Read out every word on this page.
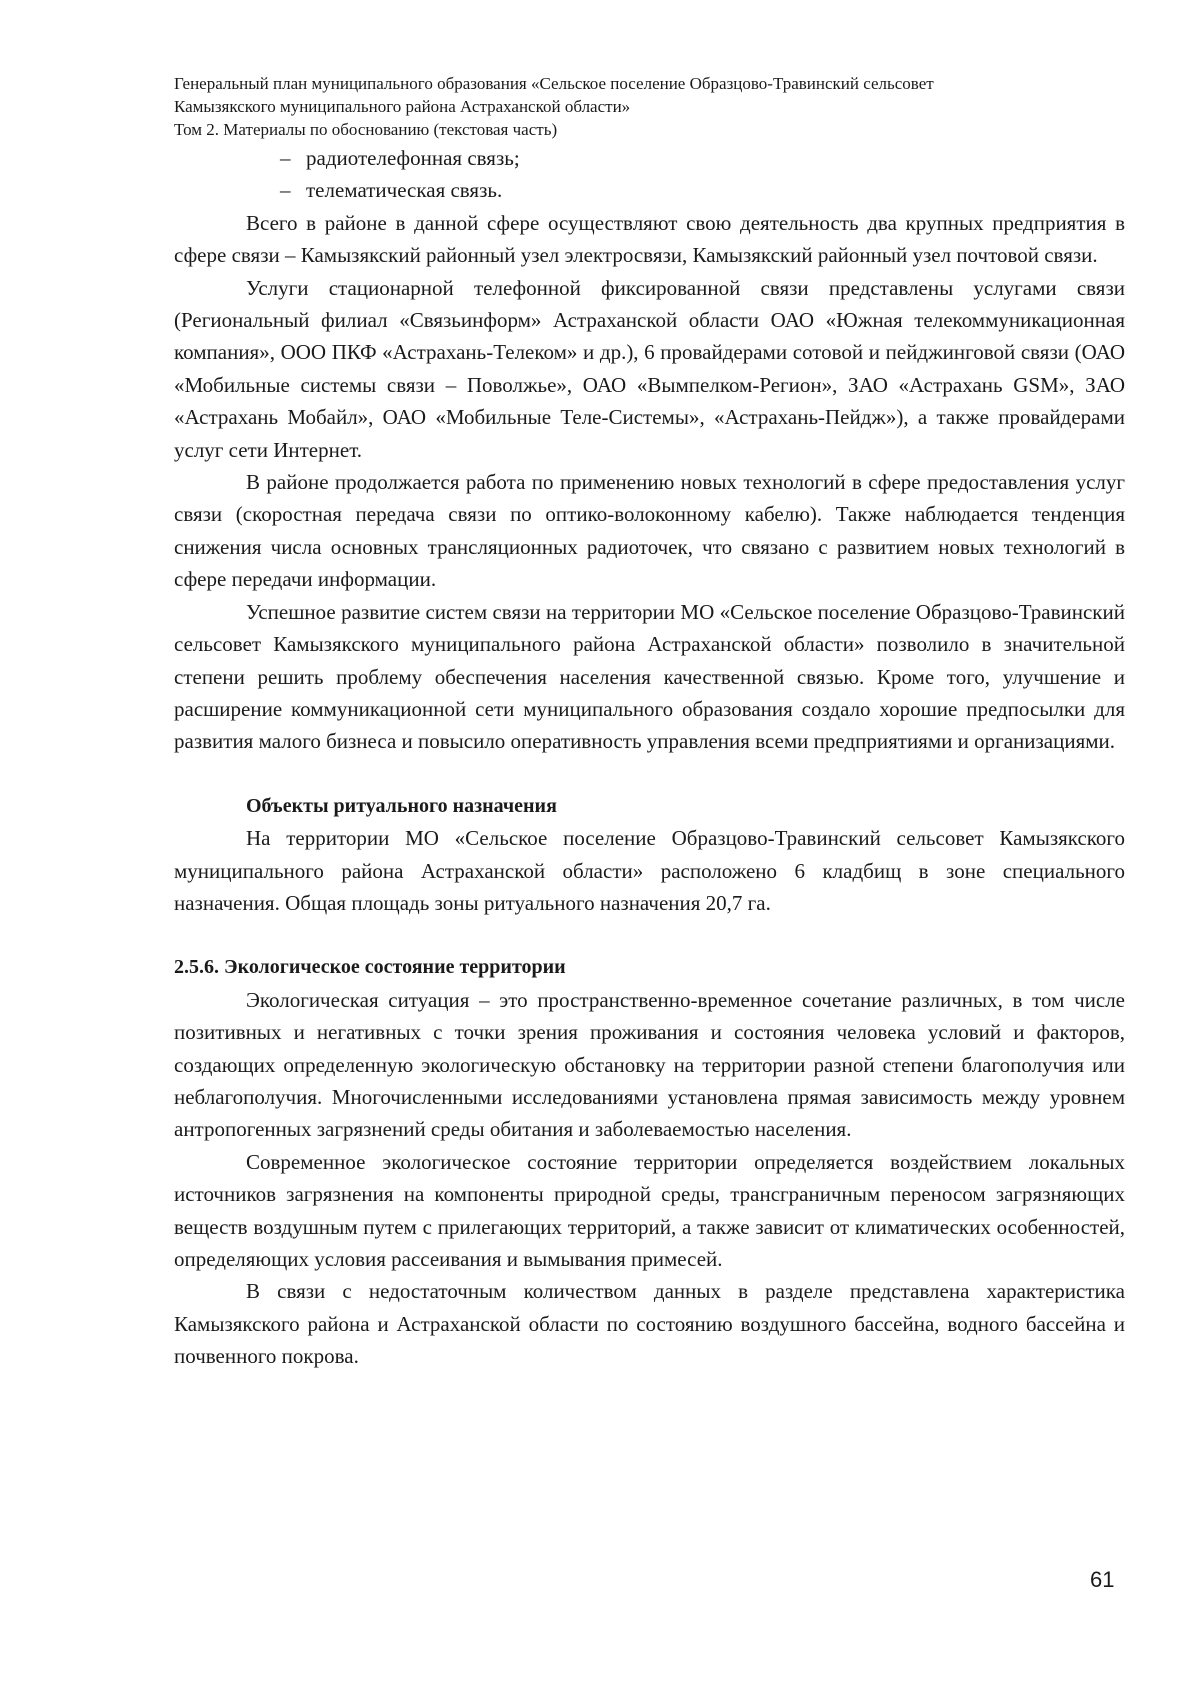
Генеральный план муниципального образования «Сельское поселение Образцово-Травинский сельсовет
Камызякского муниципального района Астраханской области»
Том 2. Материалы по обоснованию (текстовая часть)
– радиотелефонная связь;
– телематическая связь.

Всего в районе в данной сфере осуществляют свою деятельность два крупных предприятия в сфере связи – Камызякский районный узел электросвязи, Камызякский районный узел почтовой связи.

Услуги стационарной телефонной фиксированной связи представлены услугами связи (Региональный филиал «Связьинформ» Астраханской области ОАО «Южная телекоммуникационная компания», ООО ПКФ «Астрахань-Телеком» и др.), 6 провайдерами сотовой и пейджинговой связи (ОАО «Мобильные системы связи – Поволжье», ОАО «Вымпелком-Регион», ЗАО «Астрахань GSM», ЗАО «Астрахань Мобайл», ОАО «Мобильные Теле-Системы», «Астрахань-Пейдж»), а также провайдерами услуг сети Интернет.

В районе продолжается работа по применению новых технологий в сфере предоставления услуг связи (скоростная передача связи по оптико-волоконному кабелю). Также наблюдается тенденция снижения числа основных трансляционных радиоточек, что связано с развитием новых технологий в сфере передачи информации.

Успешное развитие систем связи на территории МО «Сельское поселение Образцово-Травинский сельсовет Камызякского муниципального района Астраханской области» позволило в значительной степени решить проблему обеспечения населения качественной связью. Кроме того, улучшение и расширение коммуникационной сети муниципального образования создало хорошие предпосылки для развития малого бизнеса и повысило оперативность управления всеми предприятиями и организациями.

Объекты ритуального назначения

На территории МО «Сельское поселение Образцово-Травинский сельсовет Камызякского муниципального района Астраханской области» расположено 6 кладбищ в зоне специального назначения. Общая площадь зоны ритуального назначения 20,7 га.

2.5.6. Экологическое состояние территории

Экологическая ситуация – это пространственно-временное сочетание различных, в том числе позитивных и негативных с точки зрения проживания и состояния человека условий и факторов, создающих определенную экологическую обстановку на территории разной степени благополучия или неблагополучия. Многочисленными исследованиями установлена прямая зависимость между уровнем антропогенных загрязнений среды обитания и заболеваемостью населения.

Современное экологическое состояние территории определяется воздействием локальных источников загрязнения на компоненты природной среды, трансграничным переносом загрязняющих веществ воздушным путем с прилегающих территорий, а также зависит от климатических особенностей, определяющих условия рассеивания и вымывания примесей.

В связи с недостаточным количеством данных в разделе представлена характеристика Камызякского района и Астраханской области по состоянию воздушного бассейна, водного бассейна и почвенного покрова.

61
